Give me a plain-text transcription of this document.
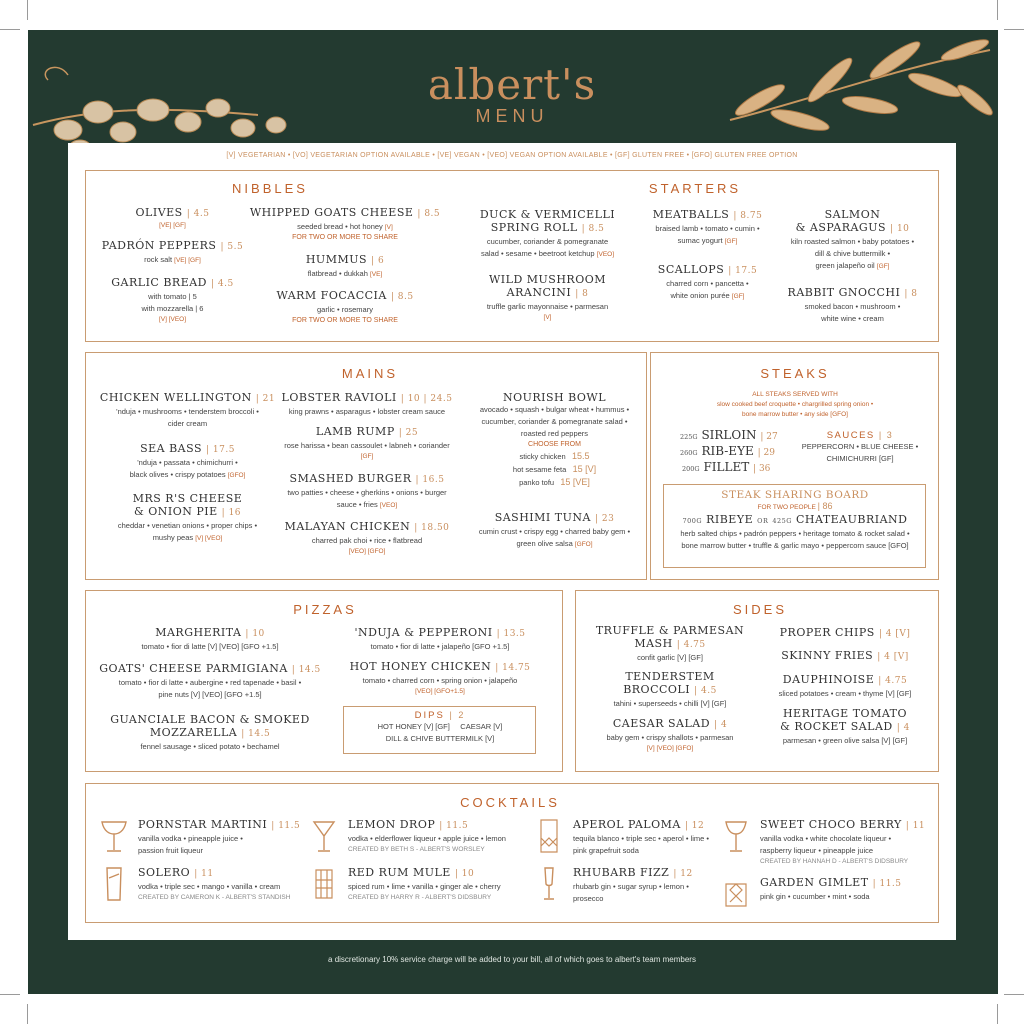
albert's
MENU
[V] VEGETARIAN • [VO] VEGETARIAN OPTION AVAILABLE • [VE] VEGAN • [VEO] VEGAN OPTION AVAILABLE • [GF] GLUTEN FREE • [GFO] GLUTEN FREE OPTION
NIBBLES	STARTERS
OLIVES | 4.5
[VE] [GF]
PADRÓN PEPPERS | 5.5
rock salt [VE] [GF]
GARLIC BREAD | 4.5
with tomato | 5
with mozzarella | 6
[V] [VEO]
WHIPPED GOATS CHEESE | 8.5
seeded bread • hot honey [V]
FOR TWO OR MORE TO SHARE
HUMMUS | 6
flatbread • dukkah [VE]
WARM FOCACCIA | 8.5
garlic • rosemary
FOR TWO OR MORE TO SHARE
DUCK & VERMICELLI
SPRING ROLL | 8.5
cucumber, coriander & pomegranate
salad • sesame • beetroot ketchup [VEO]
WILD MUSHROOM
ARANCINI | 8
truffle garlic mayonnaise • parmesan
[V]
MEATBALLS | 8.75
braised lamb • tomato • cumin •
sumac yogurt [GF]
SCALLOPS | 17.5
charred corn • pancetta •
white onion purée [GF]
SALMON
& ASPARAGUS | 10
kiln roasted salmon • baby potatoes •
dill & chive buttermilk •
green jalapeño oil [GF]
RABBIT GNOCCHI | 8
smoked bacon • mushroom •
white wine • cream
MAINS
CHICKEN WELLINGTON | 21
'nduja • mushrooms • tenderstem broccoli •
cider cream
SEA BASS | 17.5
'nduja • passata • chimichurri •
black olives • crispy potatoes [GFO]
MRS R'S CHEESE
& ONION PIE | 16
cheddar • venetian onions • proper chips •
mushy peas [V] [VEO]
LOBSTER RAVIOLI | 10 | 24.5
king prawns • asparagus • lobster cream sauce
LAMB RUMP | 25
rose harissa • bean cassoulet • labneh • coriander
[GF]
SMASHED BURGER | 16.5
two patties • cheese • gherkins • onions • burger
sauce • fries [VEO]
MALAYAN CHICKEN | 18.50
charred pak choi • rice • flatbread
[VEO] [GFO]
NOURISH BOWL
avocado • squash • bulgar wheat • hummus •
cucumber, coriander & pomegranate salad •
roasted red peppers
CHOOSE FROM
sticky chicken 15.5
hot sesame feta 15 [V]
panko tofu 15 [VE]
SASHIMI TUNA | 23
cumin crust • crispy egg • charred baby gem •
green olive salsa [GFO]
STEAKS
ALL STEAKS SERVED WITH
slow cooked beef croquette • chargrilled spring onion •
bone marrow butter • any side [GFO]
225G SIRLOIN | 27
260G RIB-EYE | 29
200G FILLET | 36
SAUCES | 3
PEPPERCORN • BLUE CHEESE •
CHIMICHURRI [GF]
STEAK SHARING BOARD
FOR TWO PEOPLE | 86
700G RIBEYE OR 425G CHATEAUBRIAND
herb salted chips • padrón peppers • heritage tomato & rocket salad •
bone marrow butter • truffle & garlic mayo • peppercorn sauce [GFO]
PIZZAS
MARGHERITA | 10
tomato • fior di latte [V] [VEO] [GFO +1.5]
GOATS' CHEESE PARMIGIANA | 14.5
tomato • fior di latte • aubergine • red tapenade • basil •
pine nuts [V] [VEO] [GFO +1.5]
GUANCIALE BACON & SMOKED
MOZZARELLA | 14.5
fennel sausage • sliced potato • bechamel
'NDUJA & PEPPERONI | 13.5
tomato • fior di latte • jalapeño [GFO +1.5]
HOT HONEY CHICKEN | 14.75
tomato • charred corn • spring onion • jalapeño
[VEO] [GFO+1.5]
DIPS | 2
HOT HONEY [V] [GF] CAESAR [V]
DILL & CHIVE BUTTERMILK [V]
SIDES
TRUFFLE & PARMESAN
MASH | 4.75
confit garlic [V] [GF]
TENDERSTEM
BROCCOLI | 4.5
tahini • superseeds • chilli [V] [GF]
CAESAR SALAD | 4
baby gem • crispy shallots • parmesan
[V] [VEO] [GFO]
PROPER CHIPS | 4 [V]
SKINNY FRIES | 4 [V]
DAUPHINOISE | 4.75
sliced potatoes • cream • thyme [V] [GF]
HERITAGE TOMATO
& ROCKET SALAD | 4
parmesan • green olive salsa [V] [GF]
COCKTAILS
PORNSTAR MARTINI | 11.5
vanilla vodka • pineapple juice •
passion fruit liqueur
SOLERO | 11
vodka • triple sec • mango • vanilla • cream
CREATED BY CAMERON K - ALBERT'S STANDISH
LEMON DROP | 11.5
vodka • elderflower liqueur • apple juice • lemon
CREATED BY BETH S - ALBERT'S WORSLEY
RED RUM MULE | 10
spiced rum • lime • vanilla • ginger ale • cherry
CREATED BY HARRY R - ALBERT'S DIDSBURY
APEROL PALOMA | 12
tequila blanco • triple sec • aperol • lime •
pink grapefruit soda
RHUBARB FIZZ | 12
rhubarb gin • sugar syrup • lemon •
prosecco
SWEET CHOCO BERRY | 11
vanilla vodka • white chocolate liqueur •
raspberry liqueur • pineapple juice
CREATED BY HANNAH D - ALBERT'S DIDSBURY
GARDEN GIMLET | 11.5
pink gin • cucumber • mint • soda
a discretionary 10% service charge will be added to your bill, all of which goes to albert's team members
